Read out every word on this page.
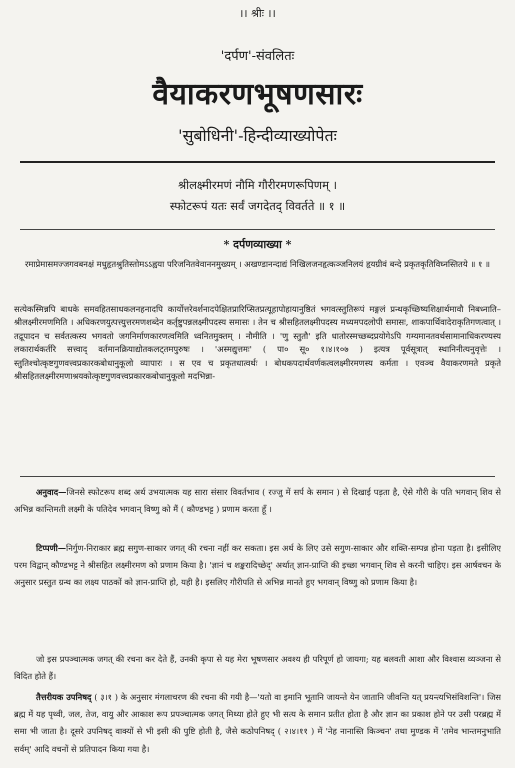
।। श्रीः ।।
'दर्पण'-संवलितः
वैयाकरणभूषणसारः
'सुबोधिनी'-हिन्दीव्याख्योपेतः
श्रीलक्ष्मीरमणं नौमि गौरीरमणरूपिणम् ।
स्फोटरूपं यतः सर्वं जगदेतद् विवर्तते ॥ १ ॥
* दर्पणव्याख्या *

रमाप्रेमासमज्जगवबनक्षं मधुहृतश्रुतिस्तोमऽऽह्वया परिजनितवेवाननमुख्यम् । अखण्डानन्दाद्यं निखिलजनहृत्कञ्जनिलयं हृयग्रीवं बन्दे प्रकृतकृतिविघ्नस्तितये ॥ १ ॥

सत्येकस्मिन्नपि बाधके समवहितसाधकलनहनादपि कार्योत्तरेवर्शनादपेक्षितप्रारिप्सितप्रत्यूहापोहायानुष्ठितं भगवत्स्तुतिरूपं मङ्गलं प्रन्थकृच्छिष्यशिक्षार्थमावौ निबध्नाति–श्रीलक्ष्मीरमणमिति । अधिकरणयुत्पत्त्युत्तरमणशब्देन कर्तृष्टुपन्नलक्ष्मीपदस्य समासः । तेन च श्रीसहितलक्ष्मीपदस्य मध्यमपदलोपी समासः, शाकपार्थिवादेराकृतिगणत्वात् । तद्रूपादन च सर्वतत्कस्य भगवतो जगनिर्माणकारणत्वमिति ध्वनितमुक्तम् । नौमीति । 'णु स्तुतौ' इति धातोरस्मच्छब्दप्रयोगेऽपि गम्यमानतवर्थसामानाधिकरण्यस्य लकारार्थकर्तरि सत्त्वाद् वर्तमानक्रियाद्योतकलट्तमपुरुषः । 'अस्मद्युत्तमः' ( पा० सू० १।४।१०७ ) इत्यत्र पूर्वसूत्रात् स्थानिनीत्यनुवृत्तेः । स्तुतिश्चोत्कृष्टगुणवत्त्वप्रकारकबोधानुकूलो व्यापारः । स एव च प्रकृतधात्वर्थः । बोधकपदार्थवर्णकत्वलक्ष्मीरमणस्य कर्मता । एवञ्च वैयाकरणमते प्रकृते श्रीसहितलक्ष्मीरमणाश्रयकोत्कृष्टगुणवत्त्वप्रकारकबोधानुकूलो मदभिन्ना-

अनुवाद—जिनसे स्फोटरूप शब्द अर्थ उभयात्मक यह सारा संसार विवर्तभाव ( रज्जु में सर्प के समान ) से दिखाई पड़ता है, ऐसे गौरी के पति भगवान् शिव से अभिन्न कान्तिमती लक्ष्मी के पतिदेव भगवान् विष्णु को मैं ( कौण्डभट्ट ) प्रणाम करता हूँ ।

टिप्पणी—निर्गुण-निराकार ब्रह्म सगुण-साकार जगत् की रचना नहीं कर सकता। इस अर्थ के लिए उसे सगुण-साकार और शक्ति-सम्पन्न होना पड़ता है। इसीलिए परम विद्वान् कौण्डभट्ट ने श्रीसहित लक्ष्मीरमण को प्रणाम किया है। 'ज्ञानं च शङ्करादिच्छेद्' अर्थात् ज्ञान-प्राप्ति की इच्छा भगवान् शिव से करनी चाहिए। इस आर्षवचन के अनुसार प्रस्तुत ग्रन्थ का लक्ष्य पाठकों को ज्ञान-प्राप्ति हो, यही है। इसलिए गौरीपति से अभिन्न मानते हुए भगवान् विष्णु को प्रणाम किया है।

जो इस प्रपञ्चात्मक जगत् की रचना कर देते हैं, उनकी कृपा से यह मेरा भूषणसार अवश्य ही परिपूर्ण हो जायगा; यह बलवती आशा और विश्वास व्यञ्जना से विदित होते हैं।

तैत्तरीयक उपनिषद् ( ३।१ ) के अनुसार मंगलाचरण की रचना की गयी है—'यतो वा इमानि भूतानि जायन्ते येन जातानि जीवन्ति यत् प्रयन्त्यभिसंविशन्ति'। जिस ब्रह्म में यह पृथ्वी, जल, तेज, वायु और आकाश रूप प्रपञ्चात्मक जगत् मिथ्या होते हुए भी सत्य के समान प्रतीत होता है और ज्ञान का प्रकाश होने पर उसी परब्रह्म में समा भी जाता है। दूसरे उपनिषद् वाक्यों से भी इसी की पुष्टि होती है, जैसे कठोपनिषद् ( २।४।११ ) में 'नेह नानास्ति किञ्चन' तथा मुण्डक में 'तमेव भान्तमनुभाति सर्वम्' आदि वचनों से प्रतिपादन किया गया है।
